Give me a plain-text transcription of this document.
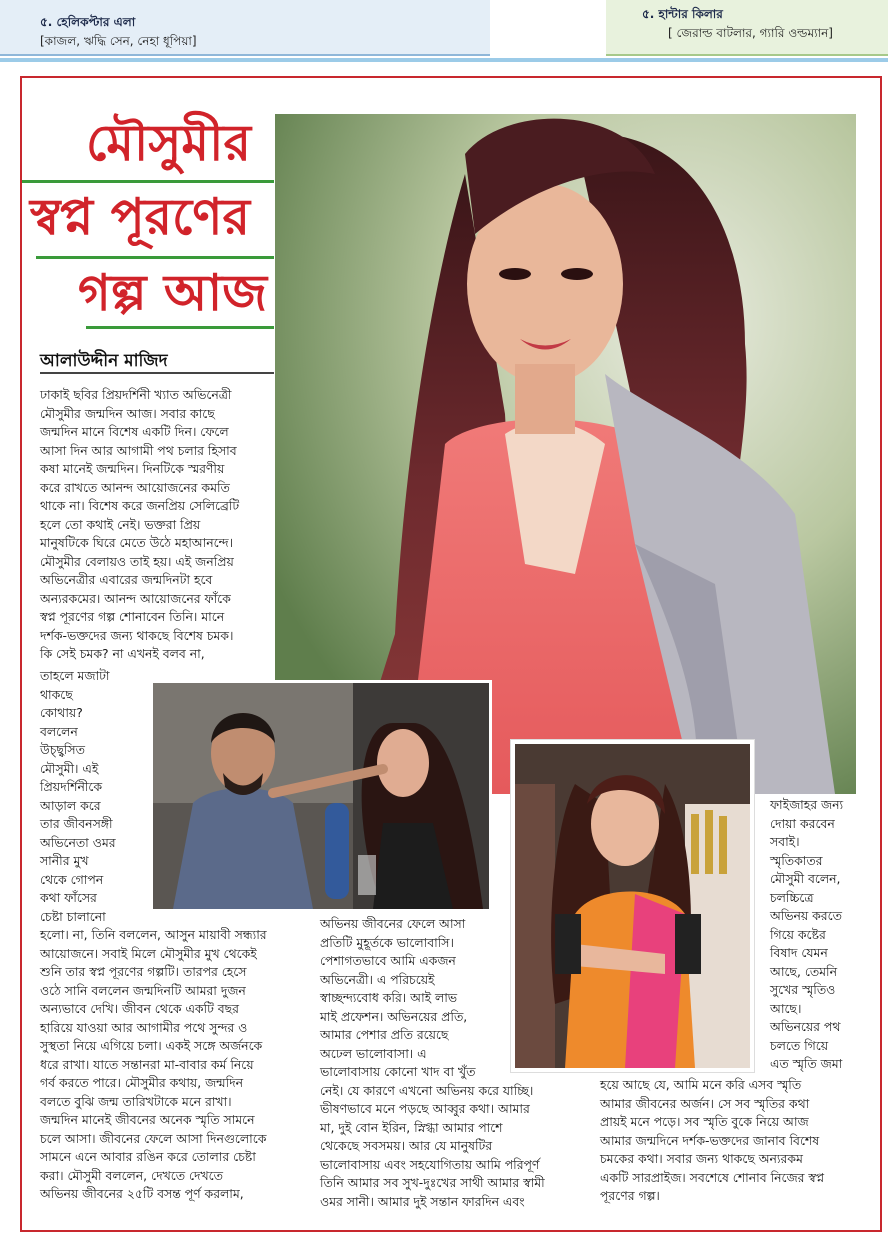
৫. হেলিকপ্টার এলা
[কাজল, ঋদ্ধি সেন, নেহা ধূপিয়া]
৫. হান্টার কিলার
[ জেরাল্ড বাটলার, গ্যারি ওল্ডম্যান]
মৌসুমীর
স্বপ্ন পূরণের
গল্প আজ
আলাউদ্দীন মাজিদ

ঢাকাই ছবির প্রিয়দর্শিনী খ্যাত অভিনেত্রী

মৌসুমীর জন্মদিন আজ। সবার কাছে

জন্মদিন মানে বিশেষ একটি দিন। ফেলে

আসা দিন আর আগামী পথ চলার হিসাব

কষা মানেই জন্মদিন। দিনটিকে স্মরণীয়

করে রাখতে আনন্দ আয়োজনের কমতি

থাকে না। বিশেষ করে জনপ্রিয় সেলিব্রেটি

হলে তো কথাই নেই। ভক্তরা প্রিয়

মানুষটিকে ঘিরে মেতে উঠে মহাআনন্দে।

মৌসুমীর বেলায়ও তাই হয়। এই জনপ্রিয়

অভিনেত্রীর এবারের জন্মদিনটা হবে

অন্যরকমের। আনন্দ আয়োজনের ফাঁকে

স্বপ্ন পূরণের গল্প শোনাবেন তিনি। মানে

দর্শক-ভক্তদের জন্য থাকছে বিশেষ চমক।

কি সেই চমক? না এখনই বলব না,

তাহলে মজাটা

থাকছে

কোথায়?

বললেন

উচ্ছ্বসিত

মৌসুমী। এই

প্রিয়দর্শিনীকে

আড়াল করে

তার জীবনসঙ্গী

অভিনেতা ওমর

সানীর মুখ

থেকে গোপন

কথা ফাঁসের

চেষ্টা চালানো

হলো। না, তিনি বললেন, আসুন মায়াবী সন্ধ্যার

আয়োজনে। সবাই মিলে মৌসুমীর মুখ থেকেই

শুনি তার স্বপ্ন পূরণের গল্পটি। তারপর হেসে

ওঠে সানি বললেন জন্মদিনটি আমরা দুজন

অন্যভাবে দেখি। জীবন থেকে একটি বছর

হারিয়ে যাওয়া আর আগামীর পথে সুন্দর ও

সুস্থতা নিয়ে এগিয়ে চলা। একই সঙ্গে অর্জনকে

ধরে রাখা। যাতে সন্তানরা মা-বাবার কর্ম নিয়ে

গর্ব করতে পারে। মৌসুমীর কথায়, জন্মদিন

বলতে বুঝি জন্ম তারিখটাকে মনে রাখা।

জন্মদিন মানেই জীবনের অনেক স্মৃতি সামনে

চলে আসা। জীবনের ফেলে আসা দিনগুলোকে

সামনে এনে আবার রঙিন করে তোলার চেষ্টা

করা। মৌসুমী বললেন, দেখতে দেখতে

অভিনয় জীবনের ২৫টি বসন্ত পূর্ণ করলাম,

অভিনয় জীবনের ফেলে আসা

প্রতিটি মুহূর্তকে ভালোবাসি।

পেশাগতভাবে আমি একজন

অভিনেত্রী। এ পরিচয়েই

স্বাচ্ছন্দ্যবোধ করি। আই লাভ

মাই প্রফেশন। অভিনয়ের প্রতি,

আমার পেশার প্রতি রয়েছে

অঢেল ভালোবাসা। এ

ভালোবাসায় কোনো খাদ বা খুঁত

নেই। যে কারণে এখনো অভিনয় করে যাচ্ছি।

ভীষণভাবে মনে পড়ছে আব্বুর কথা। আমার

মা, দুই বোন ইরিন, স্নিগ্ধা আমার পাশে

থেকেছে সবসময়। আর যে মানুষটির

ভালোবাসায় এবং সহযোগিতায় আমি পরিপূর্ণ

তিনি আমার সব সুখ-দুঃখের সাথী আমার স্বামী

ওমর সানী। আমার দুই সন্তান ফারদিন এবং

ফাইজাহর জন্য

দোয়া করবেন

সবাই।

স্মৃতিকাতর

মৌসুমী বলেন,

চলচ্চিত্রে

অভিনয় করতে

গিয়ে কষ্টের

বিষাদ যেমন

আছে, তেমনি

সুখের স্মৃতিও

আছে।

অভিনয়ের পথ

চলতে গিয়ে

এত স্মৃতি জমা

হয়ে আছে যে, আমি মনে করি এসব স্মৃতি

আমার জীবনের অর্জন। সে সব স্মৃতির কথা

প্রায়ই মনে পড়ে। সব স্মৃতি বুকে নিয়ে আজ

আমার জন্মদিনে দর্শক-ভক্তদের জানাব বিশেষ

চমকের কথা। সবার জন্য থাকছে অন্যরকম

একটি সারপ্রাইজ। সবশেষে শোনাব নিজের স্বপ্ন

পূরণের গল্প।
